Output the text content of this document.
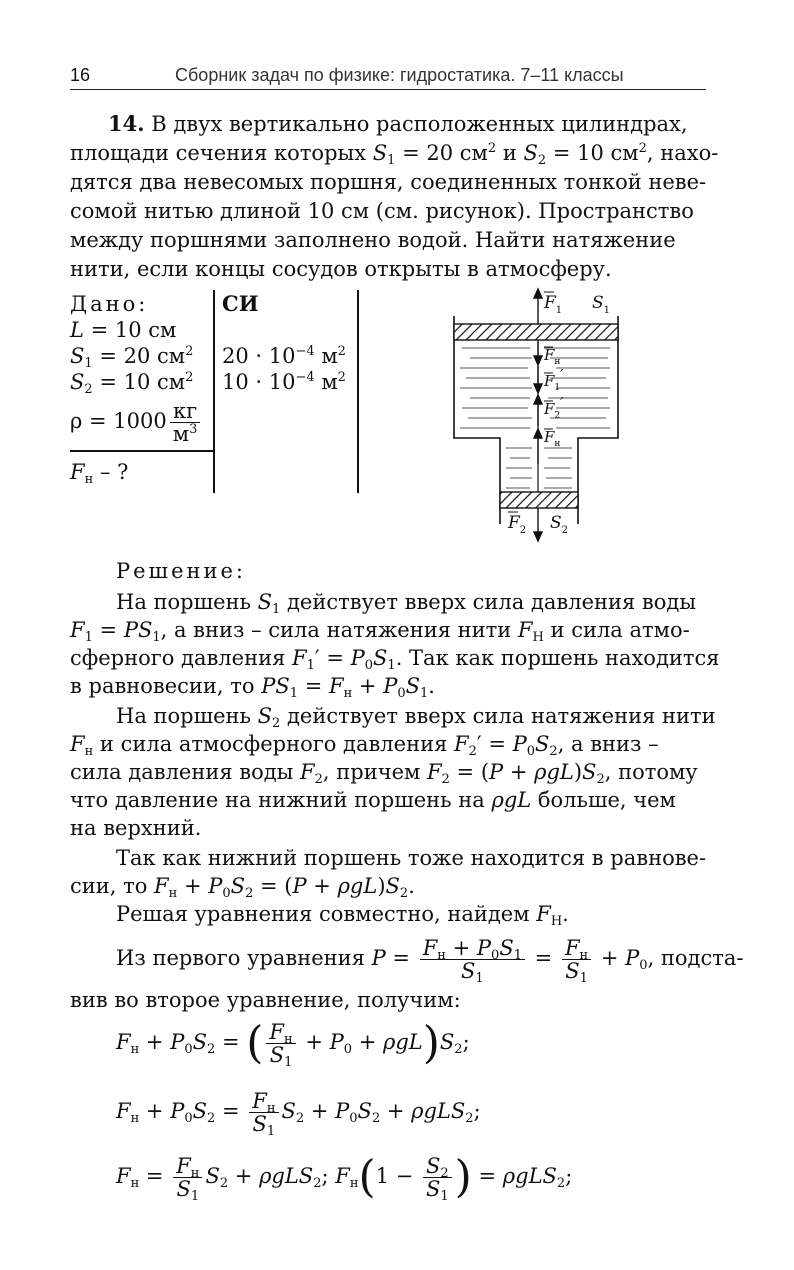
16	Сборник задач по физике: гидростатика. 7–11 классы
14. В двух вертикально расположенных цилиндрах,
площади сечения которых $S_1 = 20$ $см^2$ и $S_2 = 10$ $см^2$, нахо-
дятся два невесомых поршня, соединенных тонкой неве-
сомой нитью длиной 10 см (см. рисунок). Пространство
между поршнями заполнено водой. Найти натяжение
нити, если концы сосудов открыты в атмосферу.
Дано:	СИ
L = 10 см
$S_1 = 20$ $см^2$
$S_2 = 10$ $см^2$
$20 \cdot 10^{-4}$ $м^2$
$10 \cdot 10^{-4}$ $м^2$
$\rho = 1000 \frac{кг}{м^3}$
$F_н$ – ?
$F_1$ $S_1$
$F_н$
$F_1'$
$F_2'$
$F_н$
$F_2$ $S_2$
Решение:
На поршень $S_1$ действует вверх сила давления воды
$F_1 = PS_1$, а вниз – сила натяжения нити $F_Н$ и сила атмо-
сферного давления $F_1' = P_0S_1$. Так как поршень находится
в равновесии, то $PS_1 = F_н + P_0S_1$.
На поршень $S_2$ действует вверх сила натяжения нити
$F_н$ и сила атмосферного давления $F_2' = P_0S_2$, а вниз –
сила давления воды $F_2$, причем $F_2 = (P + \rho gL)S_2$, потому
что давление на нижний поршень на ρgL больше, чем
на верхний.
Так как нижний поршень тоже находится в равнове-
сии, то $F_н + P_0S_2 = (P + \rho gL)S_2$.
Решая уравнения совместно, найдем $F_Н$.
Из первого уравнения $P = \frac{F_н + P_0S_1}{S_1} = \frac{F_н}{S_1} + P_0$, подста-
вив во второе уравнение, получим:
$F_н + P_0S_2$ = ( $\frac{F_н}{S_1} + P_0 + \rho gL)S_2$;
$F_н + P_0S_2 = \frac{F_н}{S_1} S_2 + P_0S_2 + \rho gLS_2$;
$F_н = \frac{F_н}{S_1} S_2 + \rho gLS_2$; $F_н(1 - \frac{S_2}{S_1}$ ) = ρgLS$_2$;
